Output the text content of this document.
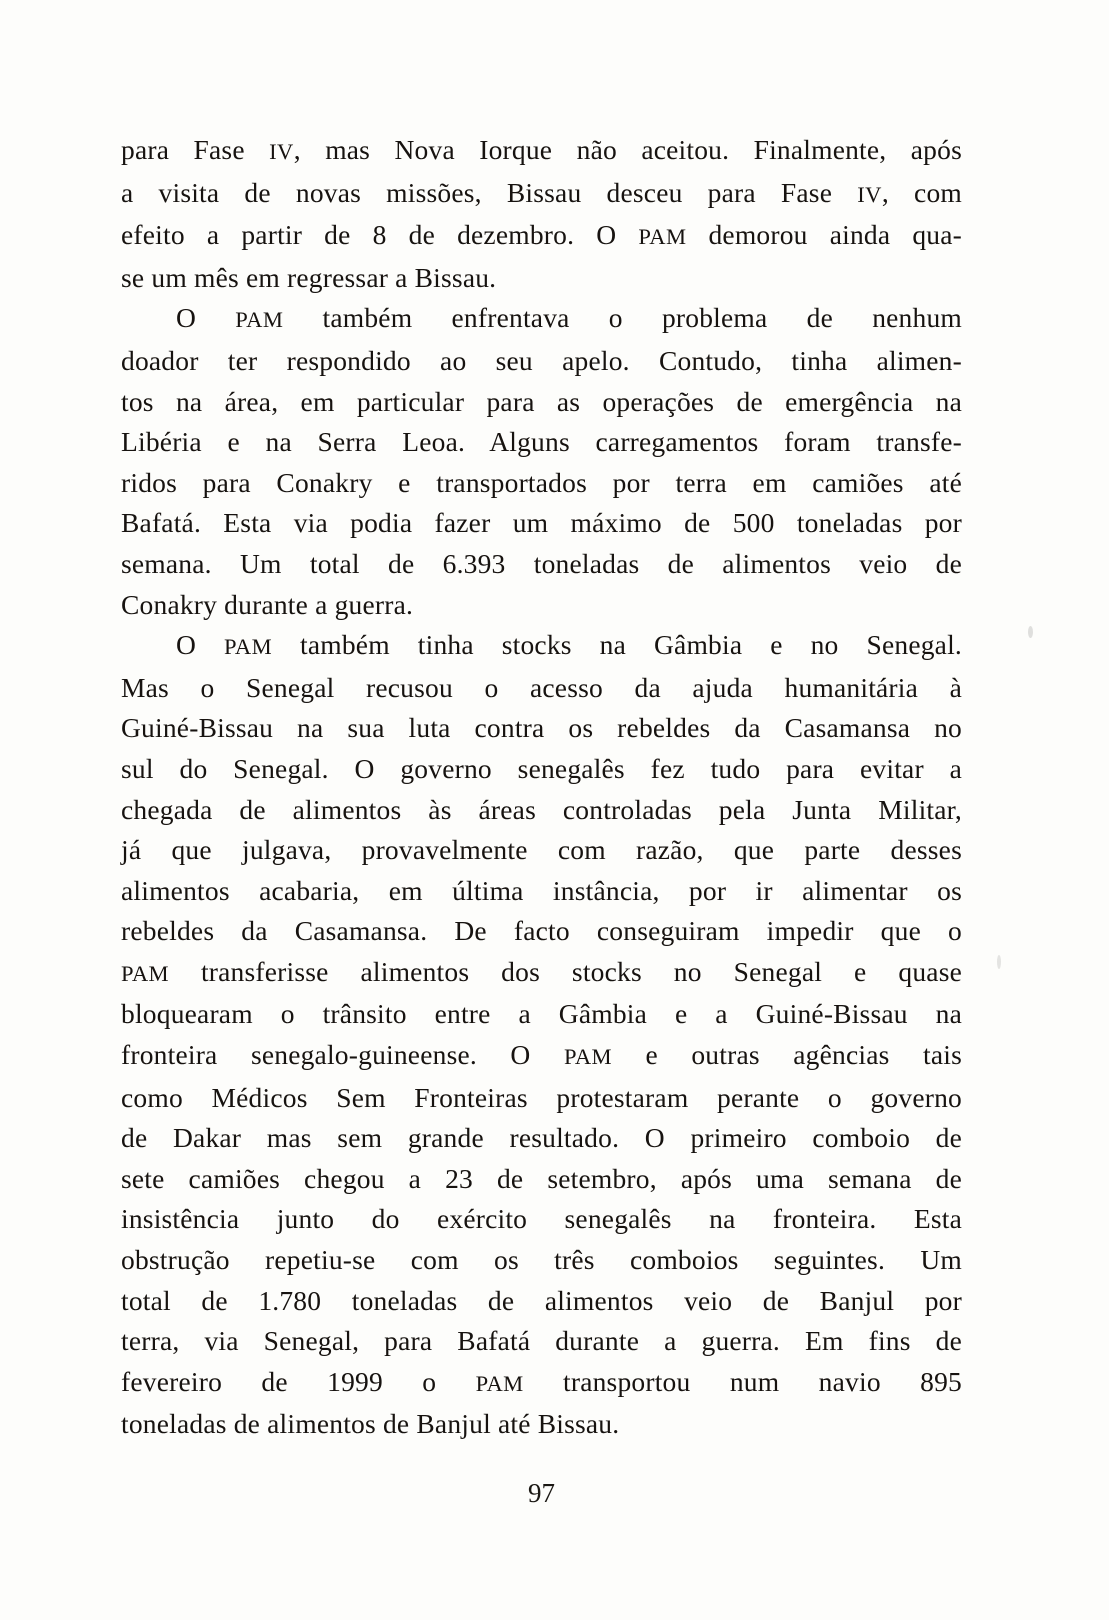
para Fase IV, mas Nova Iorque não aceitou. Finalmente, após
a visita de novas missões, Bissau desceu para Fase IV, com
efeito a partir de 8 de dezembro. O PAM demorou ainda qua-
se um mês em regressar a Bissau.
O PAM também enfrentava o problema de nenhum
doador ter respondido ao seu apelo. Contudo, tinha alimen-
tos na área, em particular para as operações de emergência na
Libéria e na Serra Leoa. Alguns carregamentos foram transfe-
ridos para Conakry e transportados por terra em camiões até
Bafatá. Esta via podia fazer um máximo de 500 toneladas por
semana. Um total de 6.393 toneladas de alimentos veio de
Conakry durante a guerra.
O PAM também tinha stocks na Gâmbia e no Senegal.
Mas o Senegal recusou o acesso da ajuda humanitária à
Guiné-Bissau na sua luta contra os rebeldes da Casamansa no
sul do Senegal. O governo senegalês fez tudo para evitar a
chegada de alimentos às áreas controladas pela Junta Militar,
já que julgava, provavelmente com razão, que parte desses
alimentos acabaria, em última instância, por ir alimentar os
rebeldes da Casamansa. De facto conseguiram impedir que o
PAM transferisse alimentos dos stocks no Senegal e quase
bloquearam o trânsito entre a Gâmbia e a Guiné-Bissau na
fronteira senegalo-guineense. O PAM e outras agências tais
como Médicos Sem Fronteiras protestaram perante o governo
de Dakar mas sem grande resultado. O primeiro comboio de
sete camiões chegou a 23 de setembro, após uma semana de
insistência junto do exército senegalês na fronteira. Esta
obstrução repetiu-se com os três comboios seguintes. Um
total de 1.780 toneladas de alimentos veio de Banjul por
terra, via Senegal, para Bafatá durante a guerra. Em fins de
fevereiro de 1999 o PAM transportou num navio 895
toneladas de alimentos de Banjul até Bissau.
97
